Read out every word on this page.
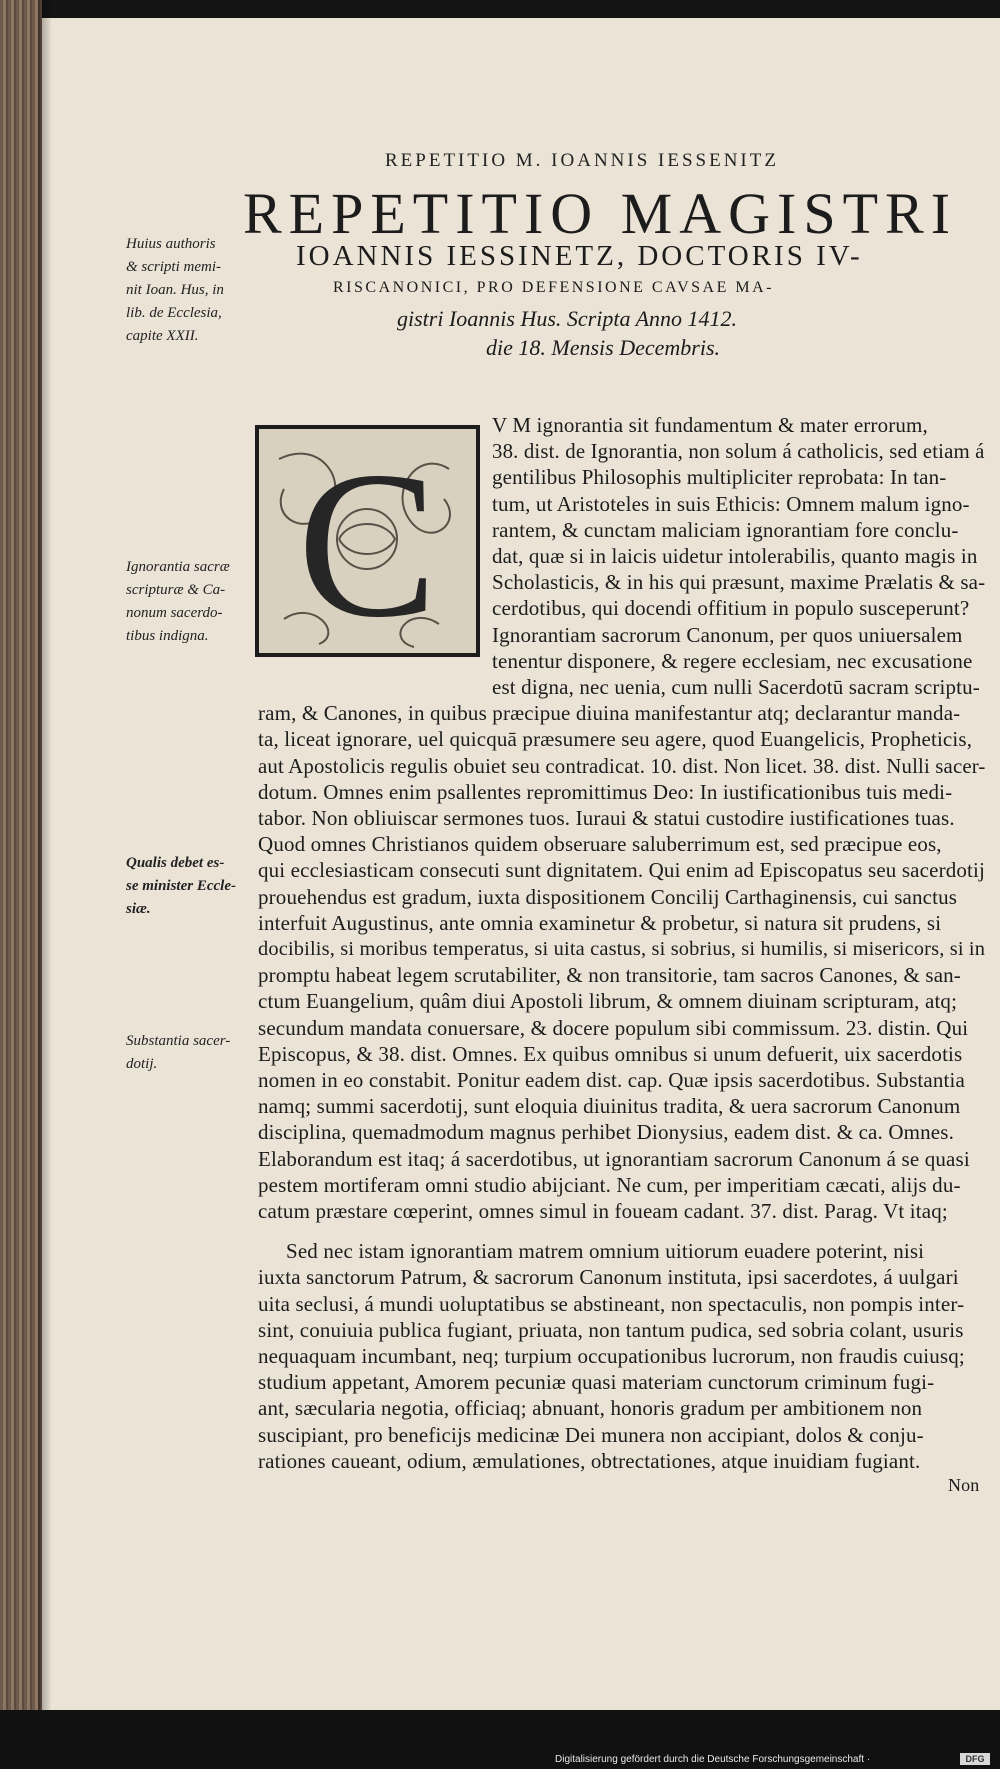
REPETITIO M. IOANNIS IESSENITZ
REPETITIO MAGISTRI
IOANNIS IESSINETZ, DOCTORIS IV-
RISCANONICI, PRO DEFENSIONE CAVSAE MA-
gistri Ioannis Hus. Scripta Anno 1412.
die 18. Mensis Decembris.
Huius authoris
& scripti memi-
nit Ioan. Hus, in
lib. de Ecclesia,
capite XXII.
Ignorantia sacræ
scripturæ & Ca-
nonum sacerdo-
tibus indigna.
Qualis debet es-
se minister Eccle-
siæ.
Substantia sacer-
dotij.
C
V M ignorantia sit fundamentum & mater errorum,
38. dist. de Ignorantia, non solum á catholicis, sed etiam á
gentilibus Philosophis multipliciter reprobata: In tan-
tum, ut Aristoteles in suis Ethicis: Omnem malum igno-
rantem, & cunctam maliciam ignorantiam fore conclu-
dat, quæ si in laicis uidetur intolerabilis, quanto magis in
Scholasticis, & in his qui præsunt, maxime Prælatis & sa-
cerdotibus, qui docendi offitium in populo susceperunt?
Ignorantiam sacrorum Canonum, per quos uniuersalem
tenentur disponere, & regere ecclesiam, nec excusatione
est digna, nec uenia, cum nulli Sacerdotū sacram scriptu-
ram, & Canones, in quibus præcipue diuina manifestantur atq; declarantur manda-
ta, liceat ignorare, uel quicquā præsumere seu agere, quod Euangelicis, Propheticis,
aut Apostolicis regulis obuiet seu contradicat. 10. dist. Non licet. 38. dist. Nulli sacer-
dotum. Omnes enim psallentes repromittimus Deo: In iustificationibus tuis medi-
tabor. Non obliuiscar sermones tuos. Iuraui & statui custodire iustificationes tuas.
Quod omnes Christianos quidem obseruare saluberrimum est, sed præcipue eos,
qui ecclesiasticam consecuti sunt dignitatem. Qui enim ad Episcopatus seu sacerdotij
prouehendus est gradum, iuxta dispositionem Concilij Carthaginensis, cui sanctus
interfuit Augustinus, ante omnia examinetur & probetur, si natura sit prudens, si
docibilis, si moribus temperatus, si uita castus, si sobrius, si humilis, si misericors, si in
promptu habeat legem scrutabiliter, & non transitorie, tam sacros Canones, & san-
ctum Euangelium, quâm diui Apostoli librum, & omnem diuinam scripturam, atq;
secundum mandata conuersare, & docere populum sibi commissum. 23. distin. Qui
Episcopus, & 38. dist. Omnes. Ex quibus omnibus si unum defuerit, uix sacerdotis
nomen in eo constabit. Ponitur eadem dist. cap. Quæ ipsis sacerdotibus. Substantia
namq; summi sacerdotij, sunt eloquia diuinitus tradita, & uera sacrorum Canonum
disciplina, quemadmodum magnus perhibet Dionysius, eadem dist. & ca. Omnes.
Elaborandum est itaq; á sacerdotibus, ut ignorantiam sacrorum Canonum á se quasi
pestem mortiferam omni studio abijciant. Ne cum, per imperitiam cæcati, alijs du-
catum præstare cœperint, omnes simul in foueam cadant. 37. dist. Parag. Vt itaq;
Sed nec istam ignorantiam matrem omnium uitiorum euadere poterint, nisi
iuxta sanctorum Patrum, & sacrorum Canonum instituta, ipsi sacerdotes, á uulgari
uita seclusi, á mundi uoluptatibus se abstineant, non spectaculis, non pompis inter-
sint, conuiuia publica fugiant, priuata, non tantum pudica, sed sobria colant, usuris
nequaquam incumbant, neq; turpium occupationibus lucrorum, non fraudis cuiusq;
studium appetant, Amorem pecuniæ quasi materiam cunctorum criminum fugi-
ant, sæcularia negotia, officiaq; abnuant, honoris gradum per ambitionem non
suscipiant, pro beneficijs medicinæ Dei munera non accipiant, dolos & conju-
rationes caueant, odium, æmulationes, obtrectationes, atque inuidiam fugiant.
Non
Digitalisierung gefördert durch die Deutsche Forschungsgemeinschaft ·	DFG
